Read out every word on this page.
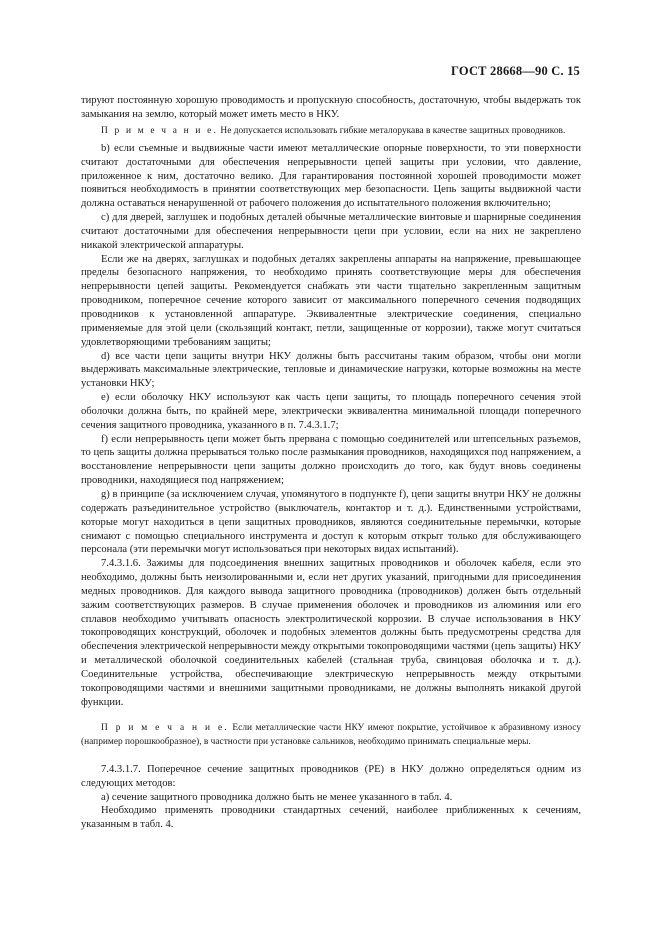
ГОСТ 28668—90 С. 15

тируют постоянную хорошую проводимость и пропускную способность, достаточную, чтобы выдержать ток замыкания на землю, который может иметь место в НКУ.

П р и м е ч а н и е. Не допускается использовать гибкие металорукава в качестве защитных проводников.

b) если съемные и выдвижные части имеют металлические опорные поверхности, то эти поверхности считают достаточными для обеспечения непрерывности цепей защиты при условии, что давление, приложенное к ним, достаточно велико. Для гарантирования постоянной хорошей проводимости может появиться необходимость в принятии соответствующих мер безопасности. Цепь защиты выдвижной части должна оставаться ненарушенной от рабочего положения до испытательного положения включительно;

c) для дверей, заглушек и подобных деталей обычные металлические винтовые и шарнирные соединения считают достаточными для обеспечения непрерывности цепи при условии, если на них не закреплено никакой электрической аппаратуры.

Если же на дверях, заглушках и подобных деталях закреплены аппараты на напряжение, превышающее пределы безопасного напряжения, то необходимо принять соответствующие меры для обеспечения непрерывности цепей защиты. Рекомендуется снабжать эти части тщательно закрепленным защитным проводником, поперечное сечение которого зависит от максимального поперечного сечения подводящих проводников к установленной аппаратуре. Эквивалентные электрические соединения, специально применяемые для этой цели (скользящий контакт, петли, защищенные от коррозии), также могут считаться удовлетворяющими требованиям защиты;

d) все части цепи защиты внутри НКУ должны быть рассчитаны таким образом, чтобы они могли выдерживать максимальные электрические, тепловые и динамические нагрузки, которые возможны на месте установки НКУ;

e) если оболочку НКУ используют как часть цепи защиты, то площадь поперечного сечения этой оболочки должна быть, по крайней мере, электрически эквивалентна минимальной площади поперечного сечения защитного проводника, указанного в п. 7.4.3.1.7;

f) если непрерывность цепи может быть прервана с помощью соединителей или штепсельных разъемов, то цепь защиты должна прерываться только после размыкания проводников, находящихся под напряжением, а восстановление непрерывности цепи защиты должно происходить до того, как будут вновь соединены проводники, находящиеся под напряжением;

g) в принципе (за исключением случая, упомянутого в подпункте f), цепи защиты внутри НКУ не должны содержать разъединительное устройство (выключатель, контактор и т. д.). Единственными устройствами, которые могут находиться в цепи защитных проводников, являются соединительные перемычки, которые снимают с помощью специального инструмента и доступ к которым открыт только для обслуживающего персонала (эти перемычки могут использоваться при некоторых видах испытаний).

7.4.3.1.6. Зажимы для подсоединения внешних защитных проводников и оболочек кабеля, если это необходимо, должны быть неизолированными и, если нет других указаний, пригодными для присоединения медных проводников. Для каждого вывода защитного проводника (проводников) должен быть отдельный зажим соответствующих размеров. В случае применения оболочек и проводников из алюминия или его сплавов необходимо учитывать опасность электролитической коррозии. В случае использования в НКУ токопроводящих конструкций, оболочек и подобных элементов должны быть предусмотрены средства для обеспечения электрической непрерывности между открытыми токопроводящими частями (цепь защиты) НКУ и металлической оболочкой соединительных кабелей (стальная труба, свинцовая оболочка и т. д.). Соединительные устройства, обеспечивающие электрическую непрерывность между открытыми токопроводящими частями и внешними защитными проводниками, не должны выполнять никакой другой функции.

П р и м е ч а н и е. Если металлические части НКУ имеют покрытие, устойчивое к абразивному износу (например порошкообразное), в частности при установке сальников, необходимо принимать специальные меры.

7.4.3.1.7. Поперечное сечение защитных проводников (PE) в НКУ должно определяться одним из следующих методов:

а) сечение защитного проводника должно быть не менее указанного в табл. 4.

Необходимо применять проводники стандартных сечений, наиболее приближенных к сечениям, указанным в табл. 4.
